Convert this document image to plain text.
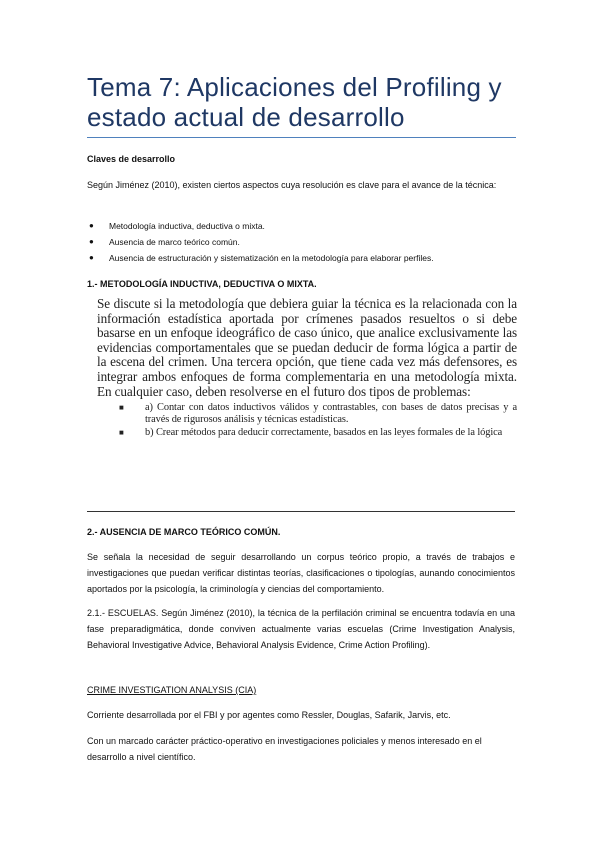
Tema 7: Aplicaciones del Profiling y estado actual de desarrollo
Claves de desarrollo
Según Jiménez (2010), existen ciertos aspectos cuya resolución es clave para el avance de la técnica:
● Metodología inductiva, deductiva o mixta.
● Ausencia de marco teórico común.
● Ausencia de estructuración y sistematización en la metodología para elaborar perfiles.
1.- METODOLOGÍA INDUCTIVA, DEDUCTIVA O MIXTA.

Se discute si la metodología que debiera guiar la técnica es la relacionada con la información estadística aportada por crímenes pasados resueltos o si debe basarse en un enfoque ideográfico de caso único, que analice exclusivamente las evidencias comportamentales que se puedan deducir de forma lógica a partir de la escena del crimen. Una tercera opción, que tiene cada vez más defensores, es integrar ambos enfoques de forma complementaria en una metodología mixta. En cualquier caso, deben resolverse en el futuro dos tipos de problemas:

■ a) Contar con datos inductivos válidos y contrastables, con bases de datos precisas y a través de rigurosos análisis y técnicas estadísticas.
■ b) Crear métodos para deducir correctamente, basados en las leyes formales de la lógica
2.- AUSENCIA DE MARCO TEÓRICO COMÚN.

Se señala la necesidad de seguir desarrollando un corpus teórico propio, a través de trabajos e investigaciones que puedan verificar distintas teorías, clasificaciones o tipologías, aunando conocimientos aportados por la psicología, la criminología y ciencias del comportamiento.

2.1.- ESCUELAS. Según Jiménez (2010), la técnica de la perfilación criminal se encuentra todavía en una fase preparadigmática, donde conviven actualmente varias escuelas (Crime Investigation Analysis, Behavioral Investigative Advice, Behavioral Analysis Evidence, Crime Action Profiling).

CRIME INVESTIGATION ANALYSIS (CIA)

Corriente desarrollada por el FBI y por agentes como Ressler, Douglas, Safarik, Jarvis, etc.

Con un marcado carácter práctico-operativo en investigaciones policiales y menos interesado en el desarrollo a nivel científico.
